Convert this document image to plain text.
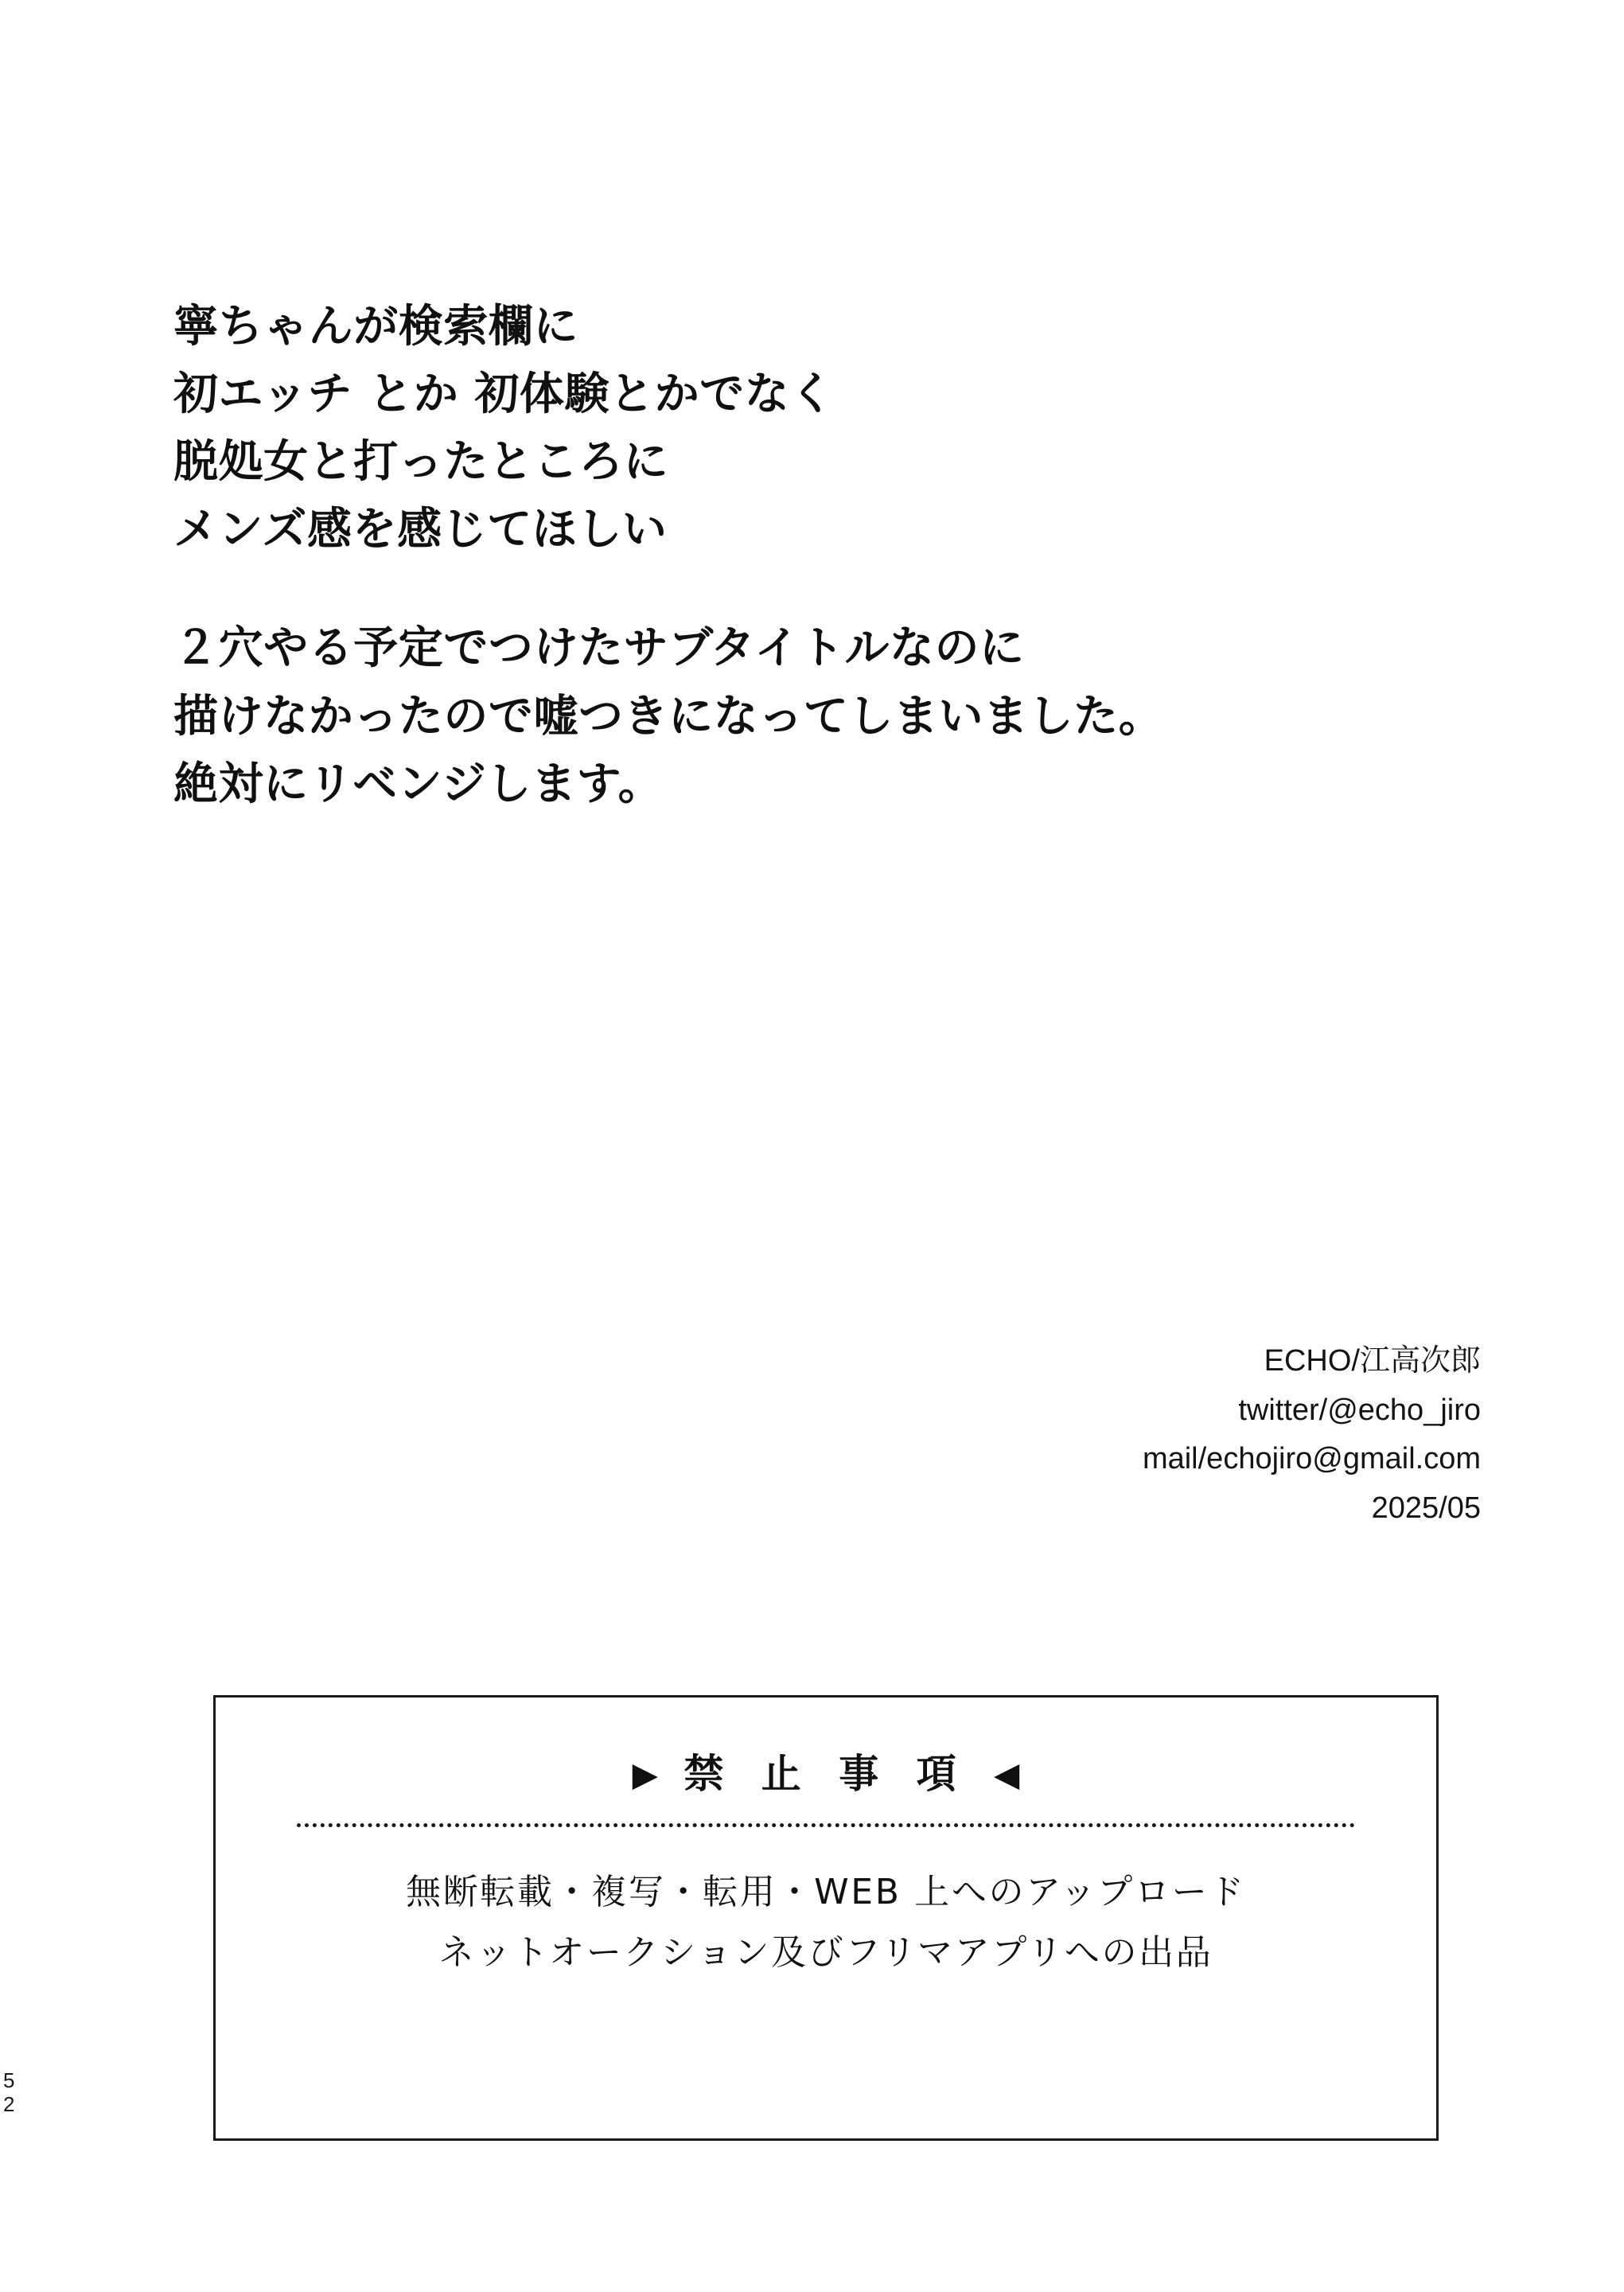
5
2

寧ちゃんが検索欄に

初エッチ とか 初体験とかでなく

脱処女と打ったところに

メンズ感を感じてほしい

２穴やる予定でつけたサブタイトルなのに

描けなかったので嘘つきになってしまいました。

絶対にリベンジします。

ECHO/江高次郎
twitter/@echo_jiro
mail/echojiro@gmail.com
2025/05
▶ 禁 止 事 項 ◀
無断転載・複写・転用・WEB 上へのアップロード
ネットオークション及びフリマアプリへの出品
